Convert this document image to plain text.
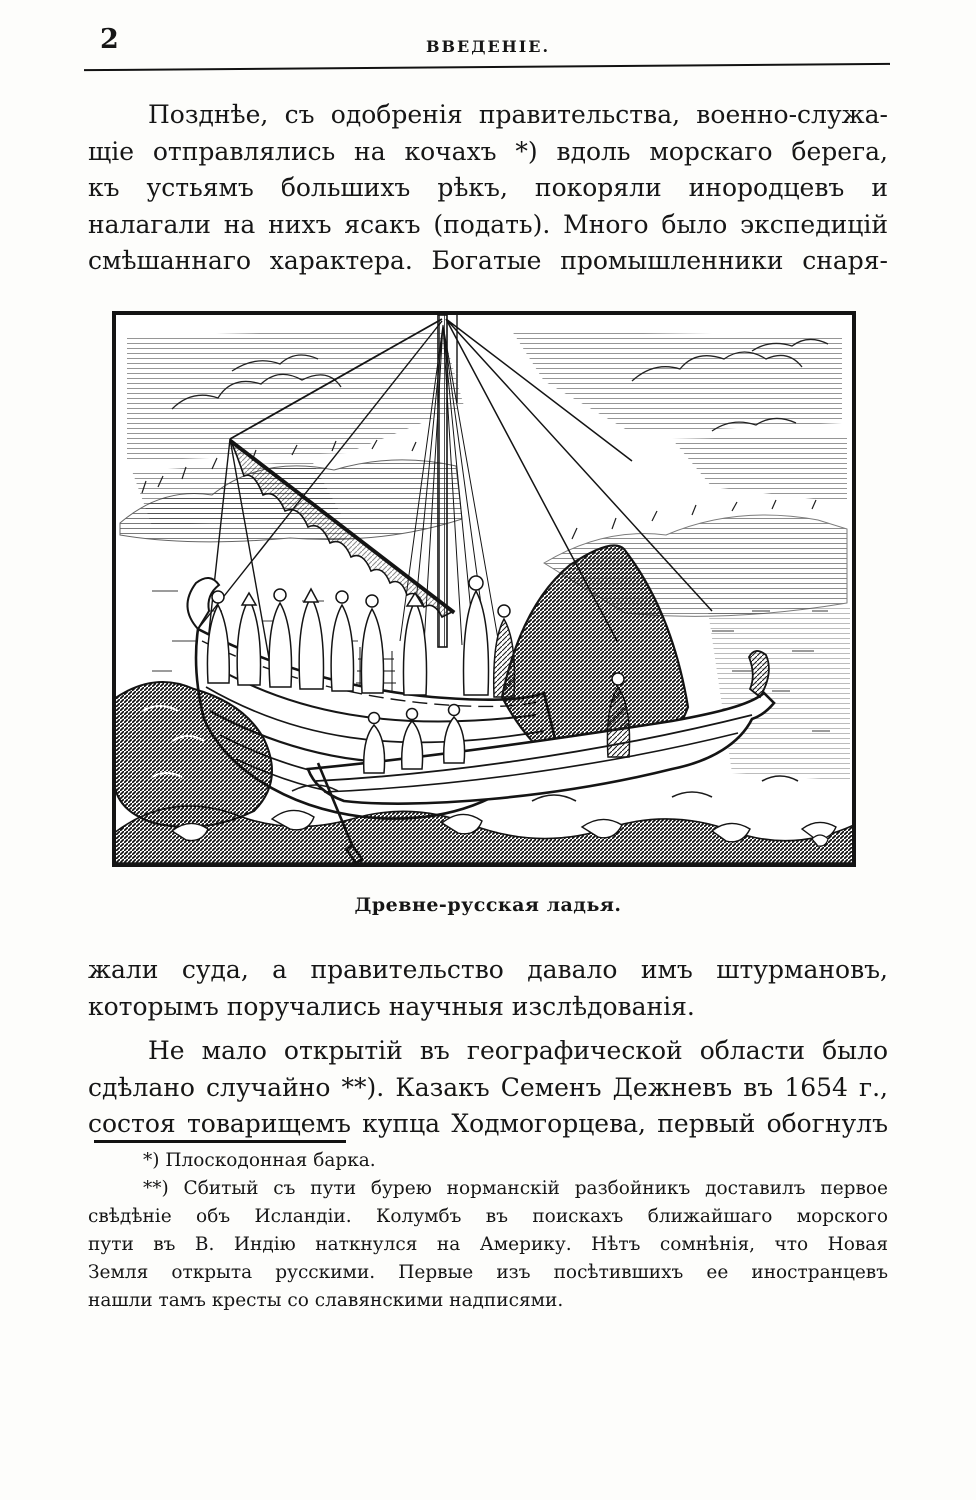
2	ВВЕДЕНІЕ.
Позднѣе, съ одобренія правительства, военно-служа-
щіе отправлялись на кочахъ *) вдоль морскаго берега,
къ устьямъ большихъ рѣкъ, покоряли инородцевъ и
налагали на нихъ ясакъ (подать). Много было экспедицій
смѣшаннаго характера. Богатые промышленники снаря-
Древне-русская ладья.
жали суда, а правительство давало имъ штурмановъ,
которымъ поручались научныя изслѣдованія.
Не мало открытій въ географической области было
сдѣлано случайно **). Казакъ Семенъ Дежневъ въ 1654 г.,
состоя товарищемъ купца Ходмогорцева, первый обогнулъ
*) Плоскодонная барка.
**) Сбитый съ пути бурею норманскій разбойникъ доставилъ первое
свѣдѣніе объ Исландіи. Колумбъ въ поискахъ ближайшаго морского
пути въ В. Индію наткнулся на Америку. Нѣтъ сомнѣнія, что Новая
Земля открыта русскими. Первые изъ посѣтившихъ ее иностранцевъ
нашли тамъ кресты со славянскими надписями.
